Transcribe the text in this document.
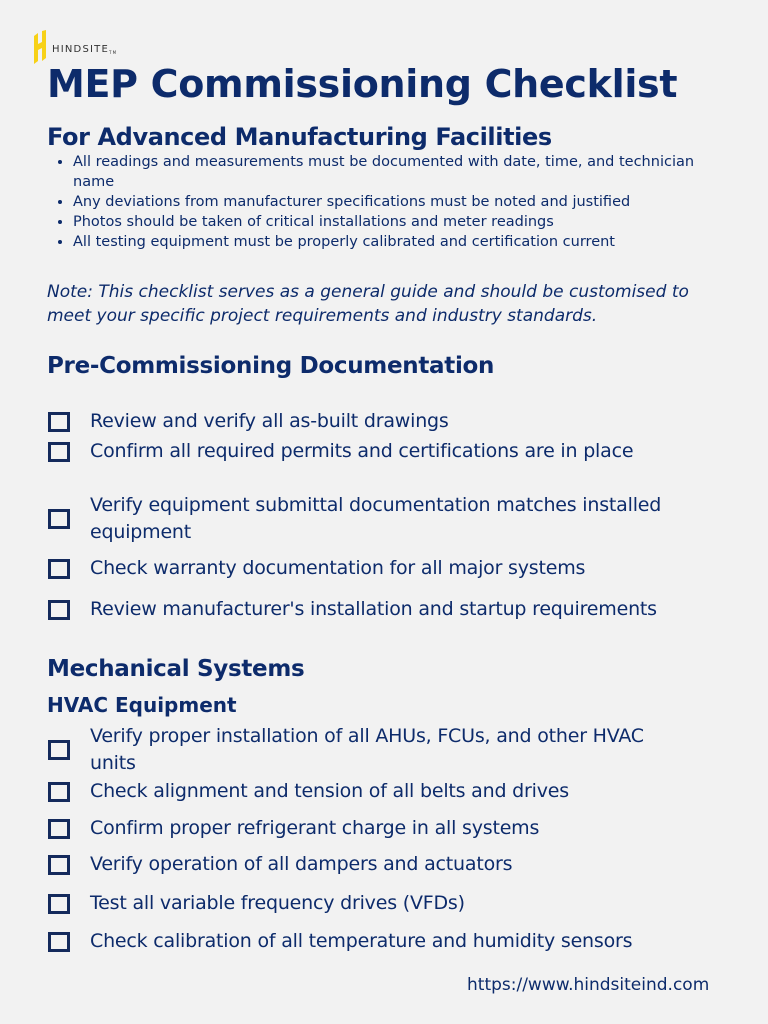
HINDSITETM
MEP Commissioning Checklist
For Advanced Manufacturing Facilities
• All readings and measurements must be documented with date, time, and technician name
• Any deviations from manufacturer specifications must be noted and justified
• Photos should be taken of critical installations and meter readings
• All testing equipment must be properly calibrated and certification current

Note: This checklist serves as a general guide and should be customised to meet your specific project requirements and industry standards.

Pre-Commissioning Documentation
Review and verify all as-built drawings
Confirm all required permits and certifications are in place
Verify equipment submittal documentation matches installed equipment
Check warranty documentation for all major systems
Review manufacturer's installation and startup requirements
Mechanical Systems
HVAC Equipment
Verify proper installation of all AHUs, FCUs, and other HVAC units
Check alignment and tension of all belts and drives
Confirm proper refrigerant charge in all systems
Verify operation of all dampers and actuators
Test all variable frequency drives (VFDs)
Check calibration of all temperature and humidity sensors
https://www.hindsiteind.com
